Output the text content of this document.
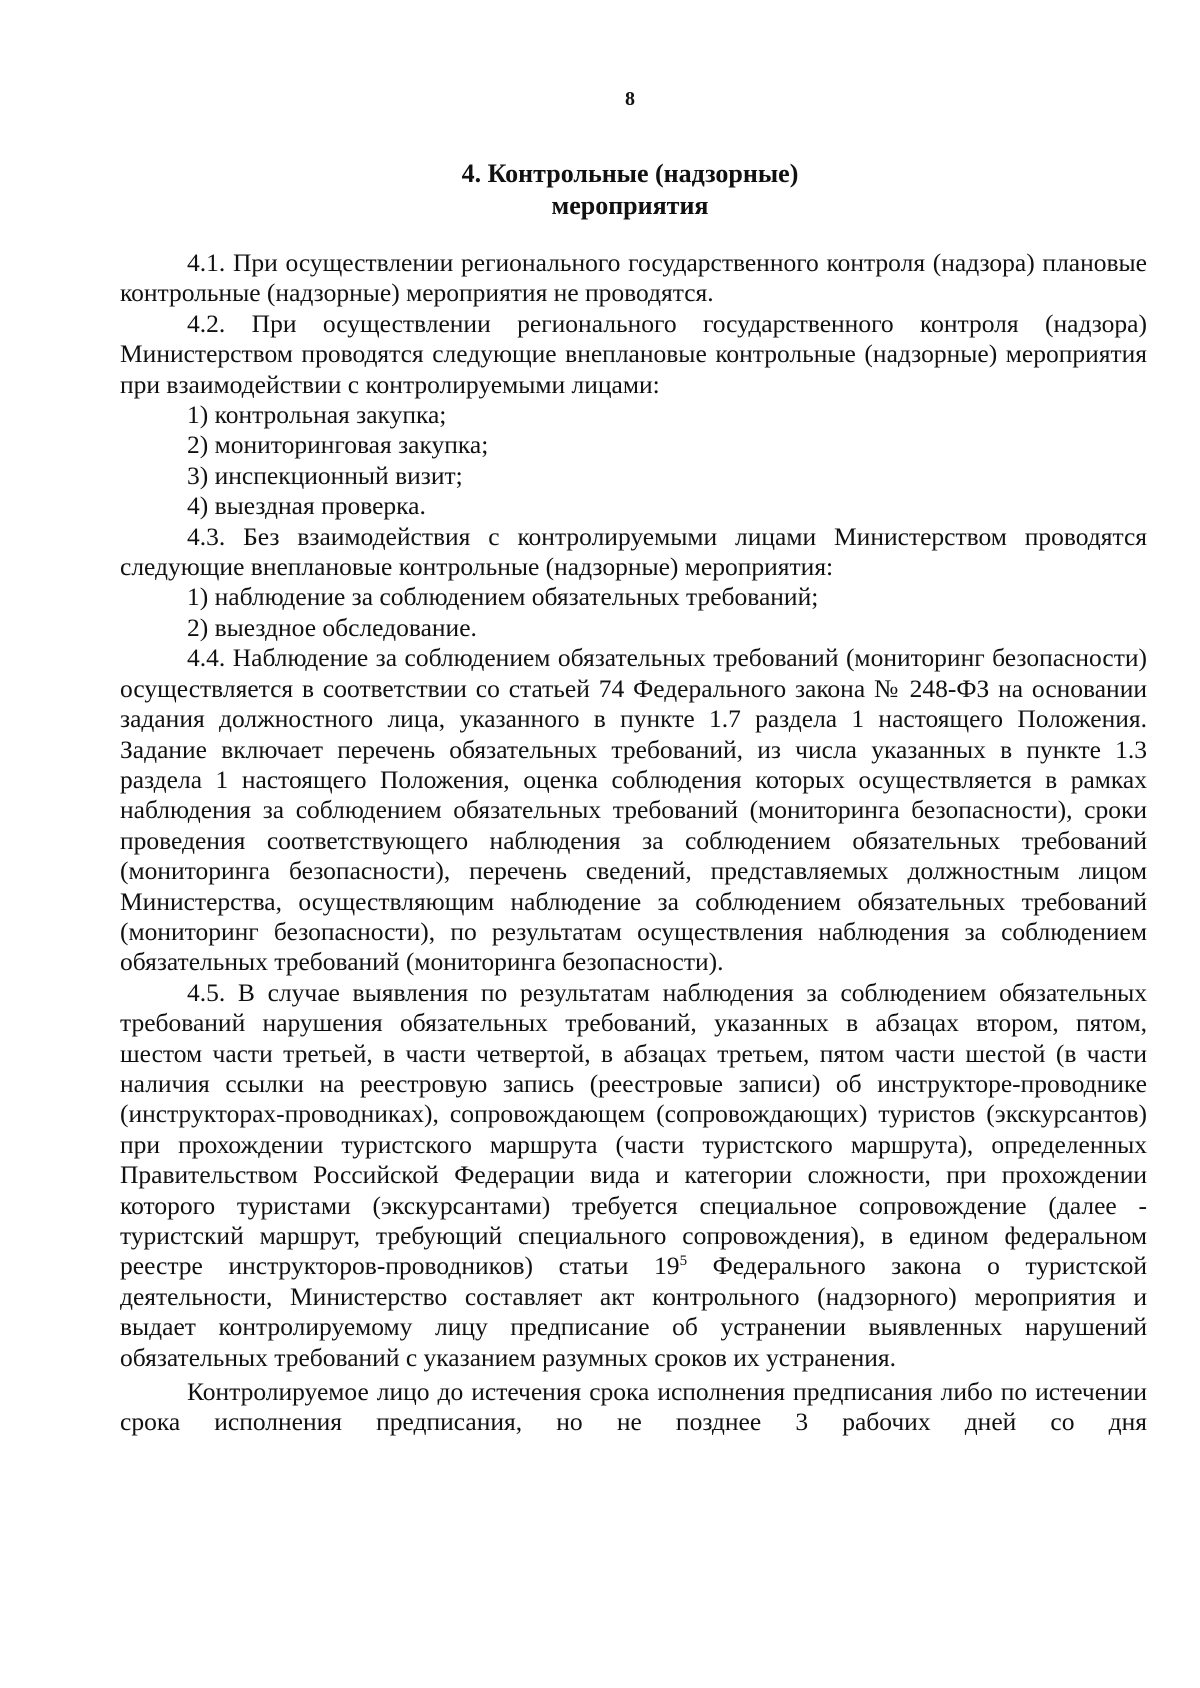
8
4. Контрольные (надзорные)
мероприятия

4.1. При осуществлении регионального государственного контроля (надзора) плановые контрольные (надзорные) мероприятия не проводятся.

4.2. При осуществлении регионального государственного контроля (надзора) Министерством проводятся следующие внеплановые контрольные (надзорные) мероприятия при взаимодействии с контролируемыми лицами:

1) контрольная закупка;
2) мониторинговая закупка;
3) инспекционный визит;
4) выездная проверка.

4.3. Без взаимодействия с контролируемыми лицами Министерством проводятся следующие внеплановые контрольные (надзорные) мероприятия:

1) наблюдение за соблюдением обязательных требований;
2) выездное обследование.

4.4. Наблюдение за соблюдением обязательных требований (мониторинг безопасности) осуществляется в соответствии со статьей 74 Федерального закона № 248-ФЗ на основании задания должностного лица, указанного в пункте 1.7 раздела 1 настоящего Положения. Задание включает перечень обязательных требований, из числа указанных в пункте 1.3 раздела 1 настоящего Положения, оценка соблюдения которых осуществляется в рамках наблюдения за соблюдением обязательных требований (мониторинга безопасности), сроки проведения соответствующего наблюдения за соблюдением обязательных требований (мониторинга безопасности), перечень сведений, представляемых должностным лицом Министерства, осуществляющим наблюдение за соблюдением обязательных требований (мониторинг безопасности), по результатам осуществления наблюдения за соблюдением обязательных требований (мониторинга безопасности).

4.5. В случае выявления по результатам наблюдения за соблюдением обязательных требований нарушения обязательных требований, указанных в абзацах втором, пятом, шестом части третьей, в части четвертой, в абзацах третьем, пятом части шестой (в части наличия ссылки на реестровую запись (реестровые записи) об инструкторе-проводнике (инструкторах-проводниках), сопровождающем (сопровождающих) туристов (экскурсантов) при прохождении туристского маршрута (части туристского маршрута), определенных Правительством Российской Федерации вида и категории сложности, при прохождении которого туристами (экскурсантами) требуется специальное сопровождение (далее - туристский маршрут, требующий специального сопровождения), в едином федеральном реестре инструкторов-проводников) статьи $19^5$ Федерального закона о туристской деятельности, Министерство составляет акт контрольного (надзорного) мероприятия и выдает контролируемому лицу предписание об устранении выявленных нарушений обязательных требований с указанием разумных сроков их устранения.

Контролируемое лицо до истечения срока исполнения предписания либо по истечении срока исполнения предписания, но не позднее 3 рабочих дней со дня
